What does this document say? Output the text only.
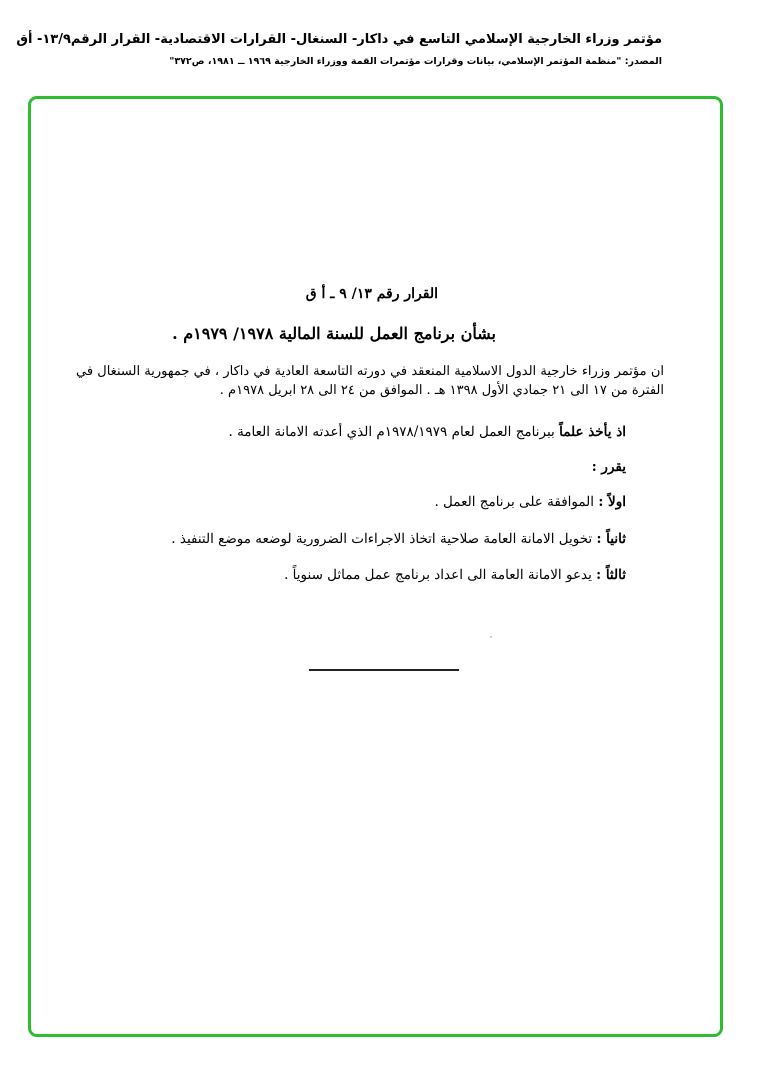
مؤتمر وزراء الخارجية الإسلامي التاسع في داكار- السنغال- القرارات الاقتصادية- القرار الرقم١٣/٩- أق
المصدر: "منظمة المؤتمر الإسلامي، بيانات وقرارات مؤتمرات القمة ووزراء الخارجية ١٩٦٩ ــ ١٩٨١، ص٣٧٢"
القرار رقم ١٣/ ٩ ـ أ ق
بشأن برنامج العمل للسنة المالية ١٩٧٨/ ١٩٧٩م .
ان مؤتمر وزراء خارجية الدول الاسلامية المنعقد في دورته التاسعة العادية في داكار ، في جمهورية السنغال في الفترة من ١٧ الى ٢١ جمادي الأول ١٣٩٨ هـ . الموافق من ٢٤ الى ٢٨ ابريل ١٩٧٨م .
اذ يأخذ علماً ببرنامج العمل لعام ١٩٧٨/١٩٧٩م الذي أعدته الامانة العامة .
يقرر :
اولاً : الموافقة على برنامج العمل .
ثانياً : تخويل الامانة العامة صلاحية اتخاذ الاجراءات الضرورية لوضعه موضع التنفيذ .
ثالثاً : يدعو الامانة العامة الى اعداد برنامج عمل مماثل سنوياً .
